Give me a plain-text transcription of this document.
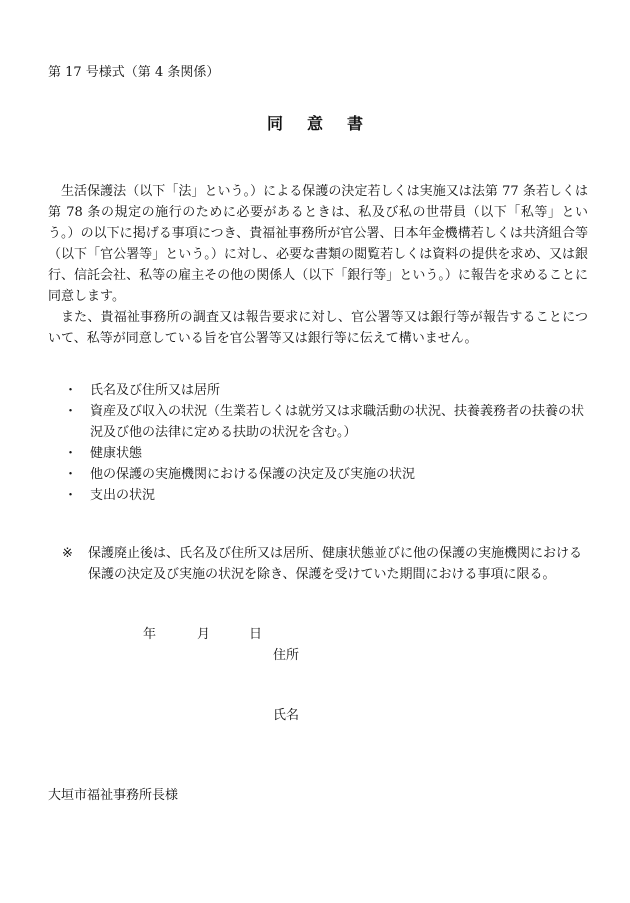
第 17 号様式（第 4 条関係）
同意書

生活保護法（以下「法」という。）による保護の決定若しくは実施又は法第 77 条若しくは第 78 条の規定の施行のために必要があるときは、私及び私の世帯員（以下「私等」という。）の以下に掲げる事項につき、貴福祉事務所が官公署、日本年金機構若しくは共済組合等（以下「官公署等」という。）に対し、必要な書類の閲覧若しくは資料の提供を求め、又は銀行、信託会社、私等の雇主その他の関係人（以下「銀行等」という。）に報告を求めることに同意します。

また、貴福祉事務所の調査又は報告要求に対し、官公署等又は銀行等が報告することについて、私等が同意している旨を官公署等又は銀行等に伝えて構いません。

・ 氏名及び住所又は居所
・ 資産及び収入の状況（生業若しくは就労又は求職活動の状況、扶養義務者の扶養の状況及び他の法律に定める扶助の状況を含む。）
・ 健康状態
・ 他の保護の実施機関における保護の決定及び実施の状況
・ 支出の状況
※	保護廃止後は、氏名及び住所又は居所、健康状態並びに他の保護の実施機関における保護の決定及び実施の状況を除き、保護を受けていた期間における事項に限る。
年	月	日
住所
氏名
大垣市福祉事務所長様
